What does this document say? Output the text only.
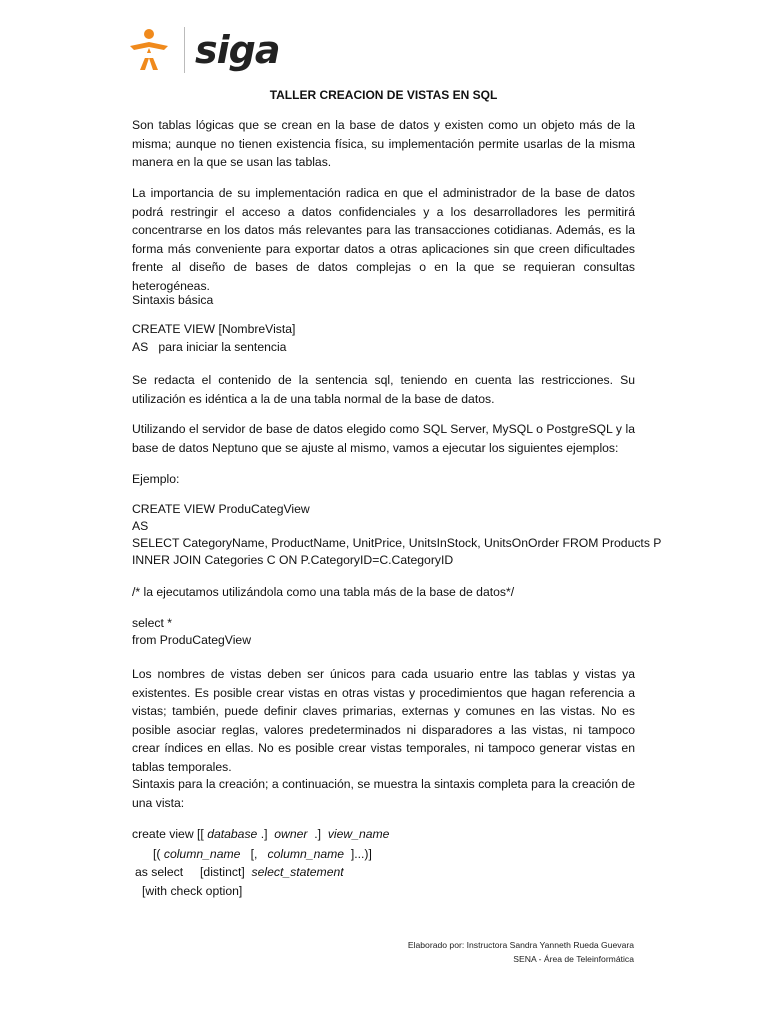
siga
TALLER CREACION DE VISTAS EN SQL

Son tablas lógicas que se crean en la base de datos y existen como un objeto más de la misma; aunque no tienen existencia física, su implementación permite usarlas de la misma manera en la que se usan las tablas.

La importancia de su implementación radica en que el administrador de la base de datos podrá restringir el acceso a datos confidenciales y a los desarrolladores les permitirá concentrarse en los datos más relevantes para las transacciones cotidianas. Además, es la forma más conveniente para exportar datos a otras aplicaciones sin que creen dificultades frente al diseño de bases de datos complejas o en la que se requieran consultas heterogéneas.

Sintaxis básica
CREATE VIEW [NombreVista]
AS   para iniciar la sentencia

Se redacta el contenido de la sentencia sql, teniendo en cuenta las restricciones. Su utilización es idéntica a la de una tabla normal de la base de datos.

Utilizando el servidor de base de datos elegido como SQL Server, MySQL o PostgreSQL y la base de datos Neptuno que se ajuste al mismo, vamos a ejecutar los siguientes ejemplos:

Ejemplo:
CREATE VIEW ProduCategView
AS
SELECT CategoryName, ProductName, UnitPrice, UnitsInStock, UnitsOnOrder FROM Products P
INNER JOIN Categories C ON P.CategoryID=C.CategoryID
/* la ejecutamos utilizándola como una tabla más de la base de datos*/
select *
from ProduCategView

Los nombres de vistas deben ser únicos para cada usuario entre las tablas y vistas ya existentes. Es posible crear vistas en otras vistas y procedimientos que hagan referencia a vistas; también, puede definir claves primarias, externas y comunes en las vistas. No es posible asociar reglas, valores predeterminados ni disparadores a las vistas, ni tampoco crear índices en ellas. No es posible crear vistas temporales, ni tampoco generar vistas en tablas temporales.

Sintaxis para la creación; a continuación, se muestra la sintaxis completa para la creación de una vista:

create view [[ database .]  owner  .]  view_name
[( column_name   [,   column_name  ]...)]
as select     [distinct]  select_statement
[with check option]
Elaborado por: Instructora Sandra Yanneth Rueda Guevara
SENA - Área de Teleinformática
